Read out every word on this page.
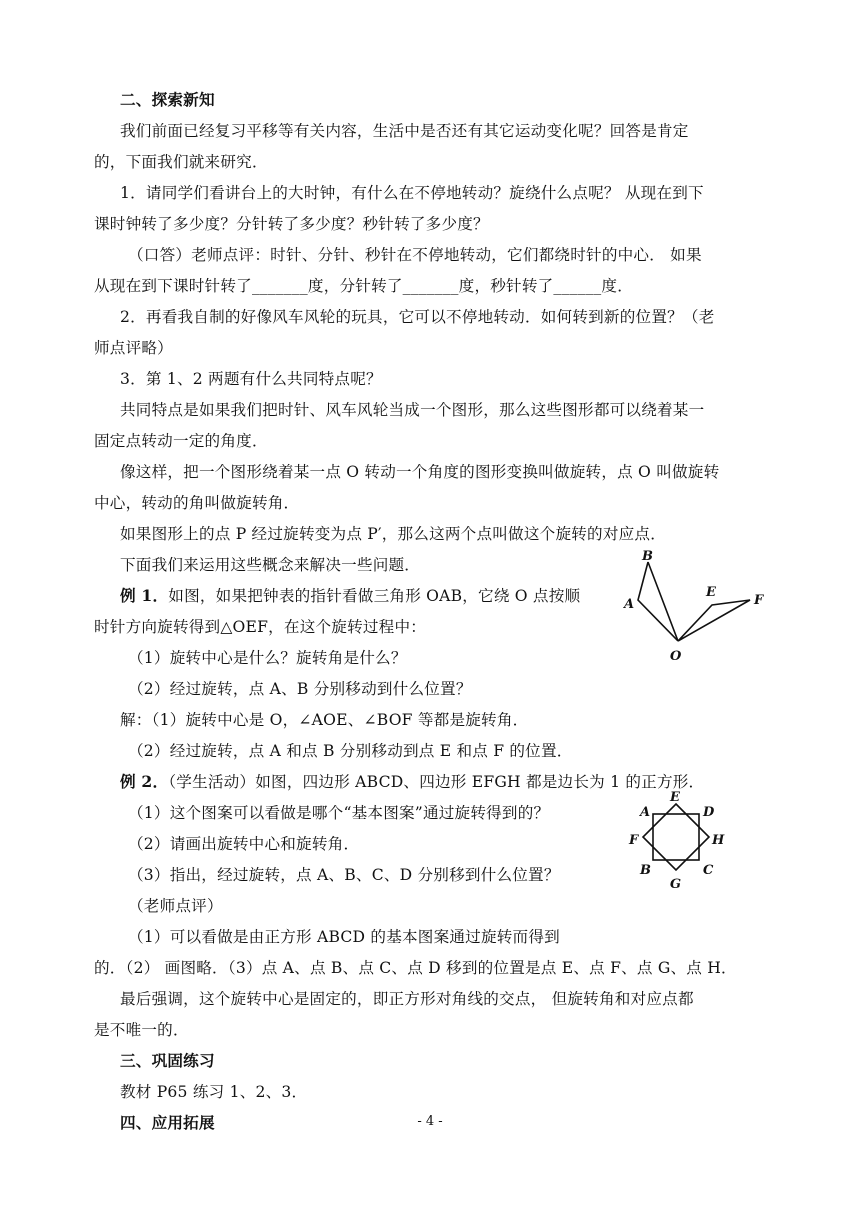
二、探索新知
我们前面已经复习平移等有关内容，生活中是否还有其它运动变化呢？回答是肯定
的，下面我们就来研究．
1．请同学们看讲台上的大时钟，有什么在不停地转动？旋绕什么点呢？ 从现在到下
课时钟转了多少度？分针转了多少度？秒针转了多少度？
（口答）老师点评：时针、分针、秒针在不停地转动，它们都绕时针的中心． 如果
从现在到下课时针转了_______度，分针转了_______度，秒针转了______度．
2．再看我自制的好像风车风轮的玩具，它可以不停地转动．如何转到新的位置？（老
师点评略）
3．第 1、2 两题有什么共同特点呢？
共同特点是如果我们把时针、风车风轮当成一个图形，那么这些图形都可以绕着某一
固定点转动一定的角度．
像这样，把一个图形绕着某一点 O 转动一个角度的图形变换叫做旋转，点 O 叫做旋转
中心，转动的角叫做旋转角．
如果图形上的点 P 经过旋转变为点 P′，那么这两个点叫做这个旋转的对应点．
下面我们来运用这些概念来解决一些问题．
例 1．如图，如果把钟表的指针看做三角形 OAB，它绕 O 点按顺
时针方向旋转得到△OEF，在这个旋转过程中：
（1）旋转中心是什么？旋转角是什么？
（2）经过旋转，点 A、B 分别移动到什么位置？
解：（1）旋转中心是 O，∠AOE、∠BOF 等都是旋转角．
（2）经过旋转，点 A 和点 B 分别移动到点 E 和点 F 的位置．
例 2．（学生活动）如图，四边形 ABCD、四边形 EFGH 都是边长为 1 的正方形．
（1）这个图案可以看做是哪个“基本图案”通过旋转得到的？
（2）请画出旋转中心和旋转角．
（3）指出，经过旋转，点 A、B、C、D 分别移到什么位置？
（老师点评）
（1）可以看做是由正方形 ABCD 的基本图案通过旋转而得到
的．（2） 画图略．（3）点 A、点 B、点 C、点 D 移到的位置是点 E、点 F、点 G、点 H．
最后强调，这个旋转中心是固定的，即正方形对角线的交点， 但旋转角和对应点都
是不唯一的．
三、巩固练习
教材 P65 练习 1、2、3．
四、应用拓展
B
A
O
E
F
A
E
D
F	H
B	C
G
- 4 -
